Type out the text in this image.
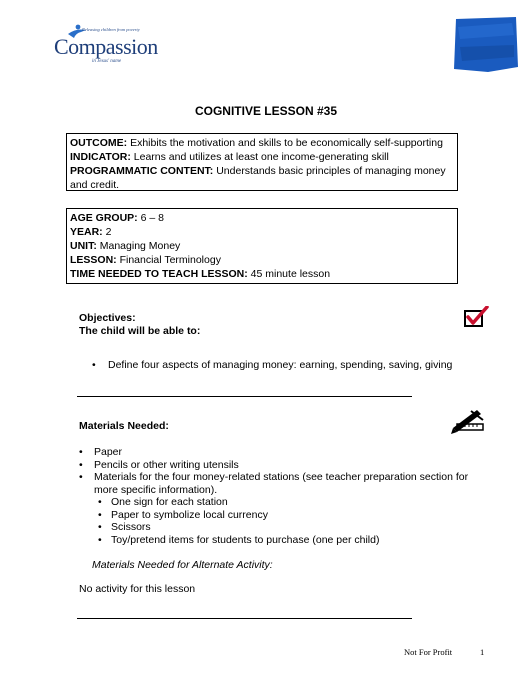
Releasing children from poverty
Compassion
in Jesus' name
COGNITIVE LESSON #35
OUTCOME: Exhibits the motivation and skills to be economically self-supporting
INDICATOR: Learns and utilizes at least one income-generating skill
PROGRAMMATIC CONTENT: Understands basic principles of managing money and credit.
AGE GROUP: 6 – 8
YEAR: 2
UNIT: Managing Money
LESSON: Financial Terminology
TIME NEEDED TO TEACH LESSON: 45 minute lesson
Objectives:
The child will be able to:
• Define four aspects of managing money: earning, spending, saving, giving
Materials Needed:
• Paper
• Pencils or other writing utensils
• Materials for the four money-related stations (see teacher preparation section for more specific information).
• One sign for each station
• Paper to symbolize local currency
• Scissors
• Toy/pretend items for students to purchase (one per child)
Materials Needed for Alternate Activity:
No activity for this lesson
Not For Profit	1
